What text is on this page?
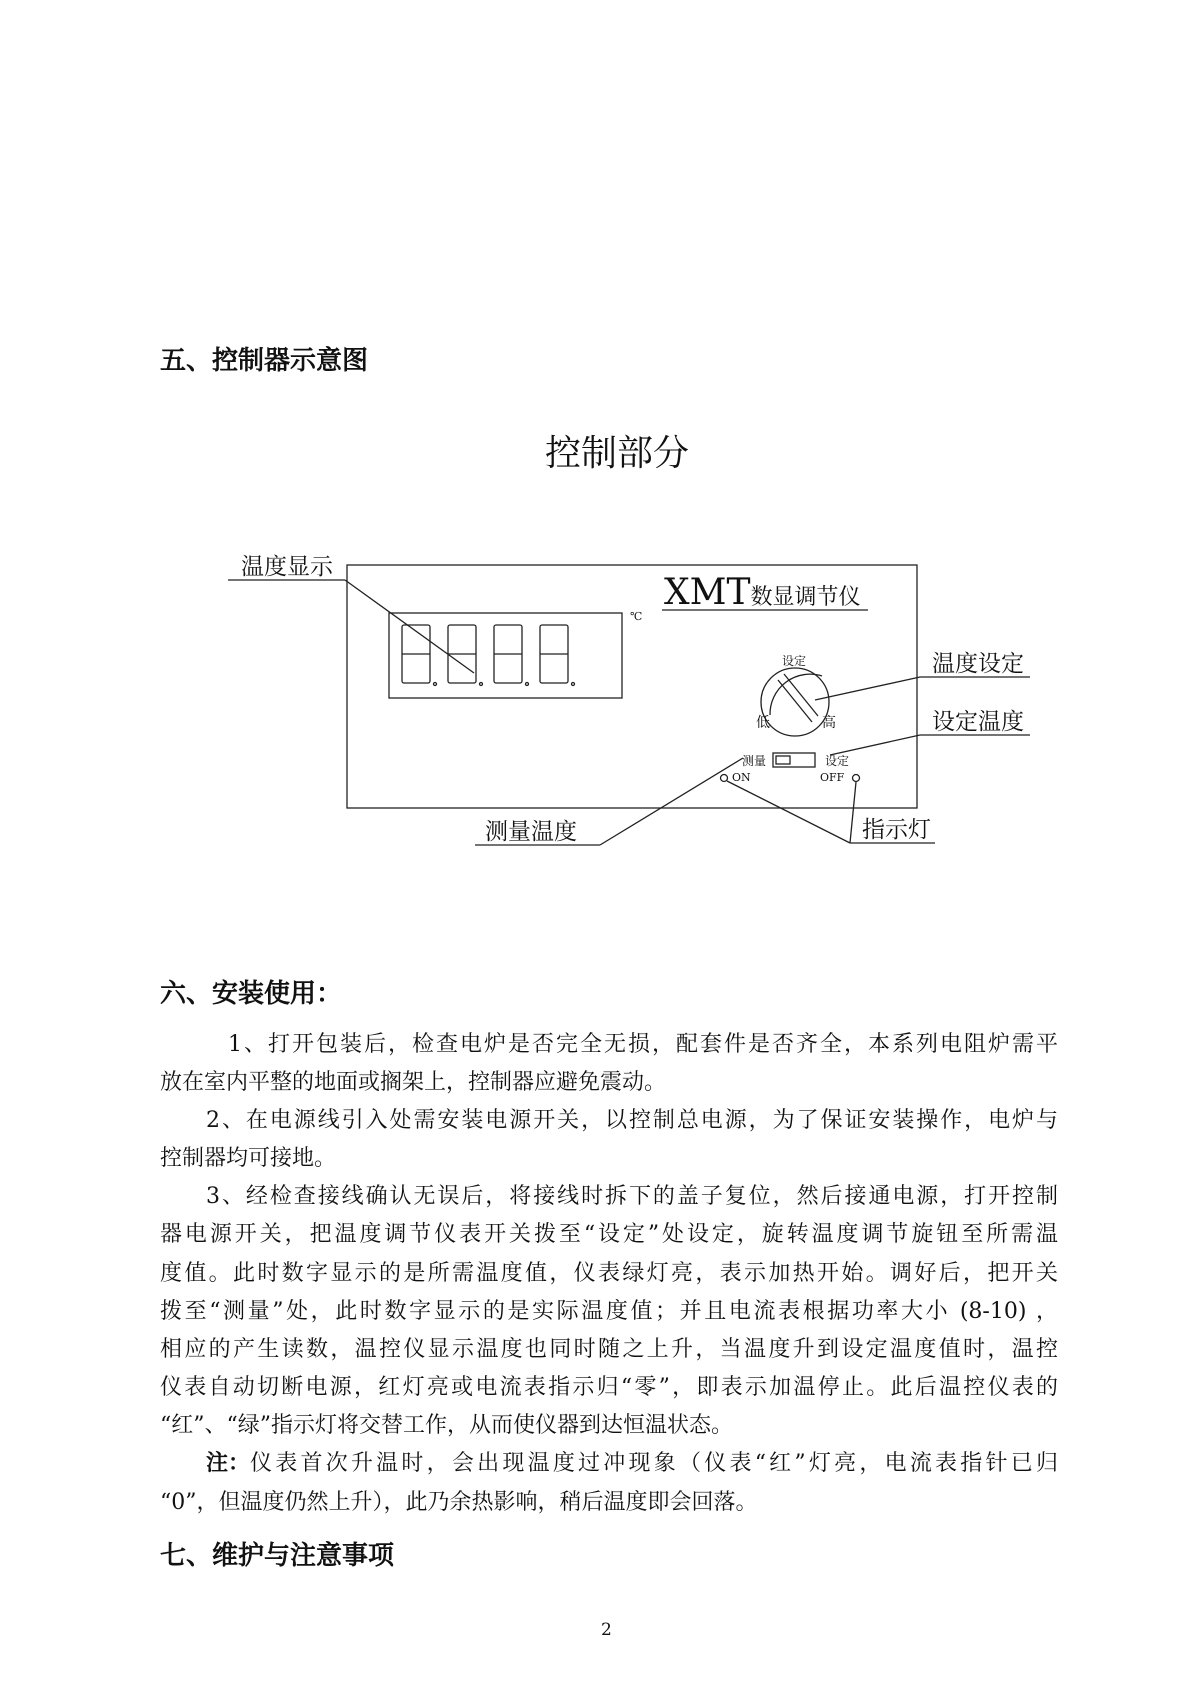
五、控制器示意图
控制部分
温度显示
℃
XMT数显调节仪
设定
低	高
温度设定
设定温度
测量	设定
ON	OFF
测量温度	指示灯
六、安装使用：
1、打开包装后，检查电炉是否完全无损，配套件是否齐全，本系列电阻炉需平
放在室内平整的地面或搁架上，控制器应避免震动。
2、在电源线引入处需安装电源开关，以控制总电源，为了保证安装操作，电炉与
控制器均可接地。
3、经检查接线确认无误后，将接线时拆下的盖子复位，然后接通电源，打开控制
器电源开关，把温度调节仪表开关拨至“设定”处设定，旋转温度调节旋钮至所需温
度值。此时数字显示的是所需温度值，仪表绿灯亮，表示加热开始。调好后，把开关
拨至“测量”处，此时数字显示的是实际温度值；并且电流表根据功率大小 (8-10) ，
相应的产生读数，温控仪显示温度也同时随之上升，当温度升到设定温度值时，温控
仪表自动切断电源，红灯亮或电流表指示归“零”，即表示加温停止。此后温控仪表的
“红”、“绿”指示灯将交替工作，从而使仪器到达恒温状态。
注： 仪表首次升温时，会出现温度过冲现象（仪表“红”灯亮，电流表指针已归
“0”，但温度仍然上升），此乃余热影响，稍后温度即会回落。
七、维护与注意事项
2
